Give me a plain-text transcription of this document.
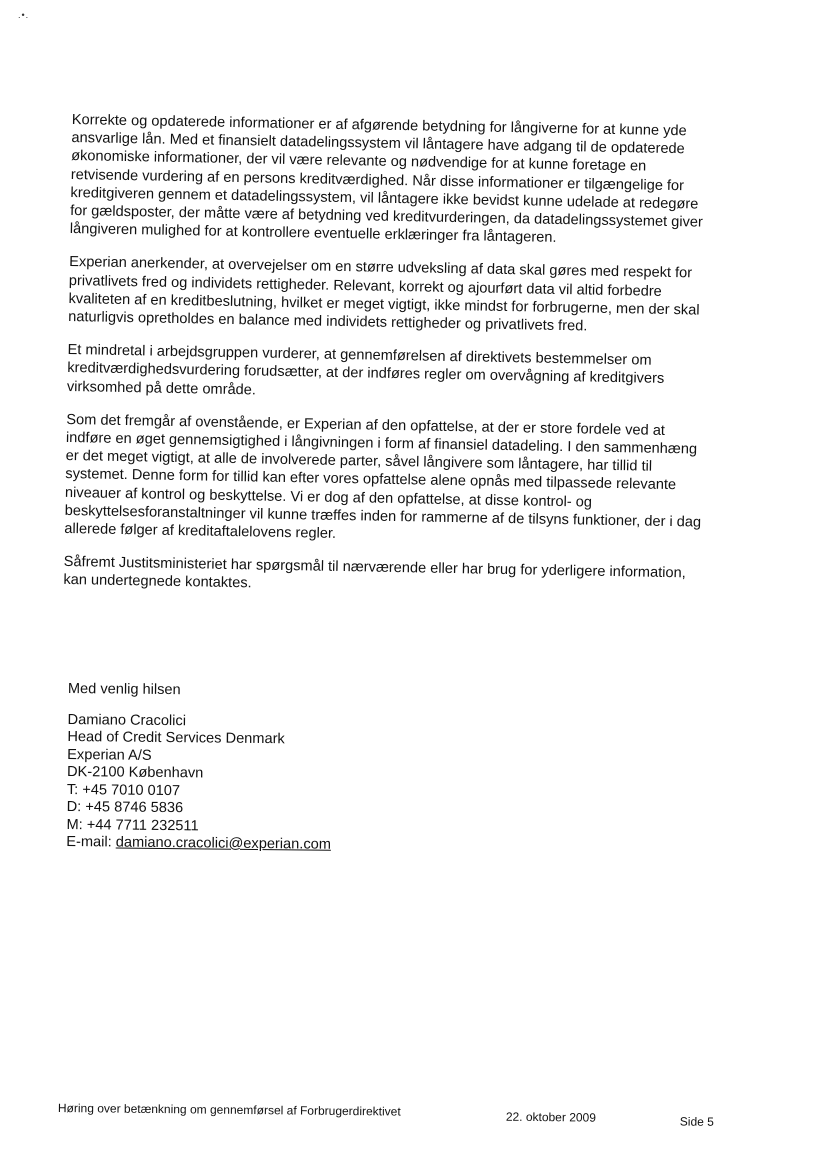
.•.

Korrekte og opdaterede informationer er af afgørende betydning for långiverne for at kunne yde
ansvarlige lån. Med et finansielt datadelingssystem vil låntagere have adgang til de opdaterede
økonomiske informationer, der vil være relevante og nødvendige for at kunne foretage en
retvisende vurdering af en persons kreditværdighed. Når disse informationer er tilgængelige for
kreditgiveren gennem et datadelingssystem, vil låntagere ikke bevidst kunne udelade at redegøre
for gældsposter, der måtte være af betydning ved kreditvurderingen, da datadelingssystemet giver
långiveren mulighed for at kontrollere eventuelle erklæringer fra låntageren.

Experian anerkender, at overvejelser om en større udveksling af data skal gøres med respekt for
privatlivets fred og individets rettigheder. Relevant, korrekt og ajourført data vil altid forbedre
kvaliteten af en kreditbeslutning, hvilket er meget vigtigt, ikke mindst for forbrugerne, men der skal
naturligvis opretholdes en balance med individets rettigheder og privatlivets fred.

Et mindretal i arbejdsgruppen vurderer, at gennemførelsen af direktivets bestemmelser om
kreditværdighedsvurdering forudsætter, at der indføres regler om overvågning af kreditgivers
virksomhed på dette område.

Som det fremgår af ovenstående, er Experian af den opfattelse, at der er store fordele ved at
indføre en øget gennemsigtighed i långivningen i form af finansiel datadeling. I den sammenhæng
er det meget vigtigt, at alle de involverede parter, såvel långivere som låntagere, har tillid til
systemet. Denne form for tillid kan efter vores opfattelse alene opnås med tilpassede relevante
niveauer af kontrol og beskyttelse. Vi er dog af den opfattelse, at disse kontrol- og
beskyttelsesforanstaltninger vil kunne træffes inden for rammerne af de tilsyns funktioner, der i dag
allerede følger af kreditaftalelovens regler.

Såfremt Justitsministeriet har spørgsmål til nærværende eller har brug for yderligere information,
kan undertegnede kontaktes.

Med venlig hilsen
Damiano Cracolici
Head of Credit Services Denmark
Experian A/S
DK-2100 København
T: +45 7010 0107
D: +45 8746 5836
M: +44 7711 232511
E-mail: damiano.cracolici@experian.com
Høring over betænkning om gennemførsel af Forbrugerdirektivet	22. oktober 2009	Side 5
